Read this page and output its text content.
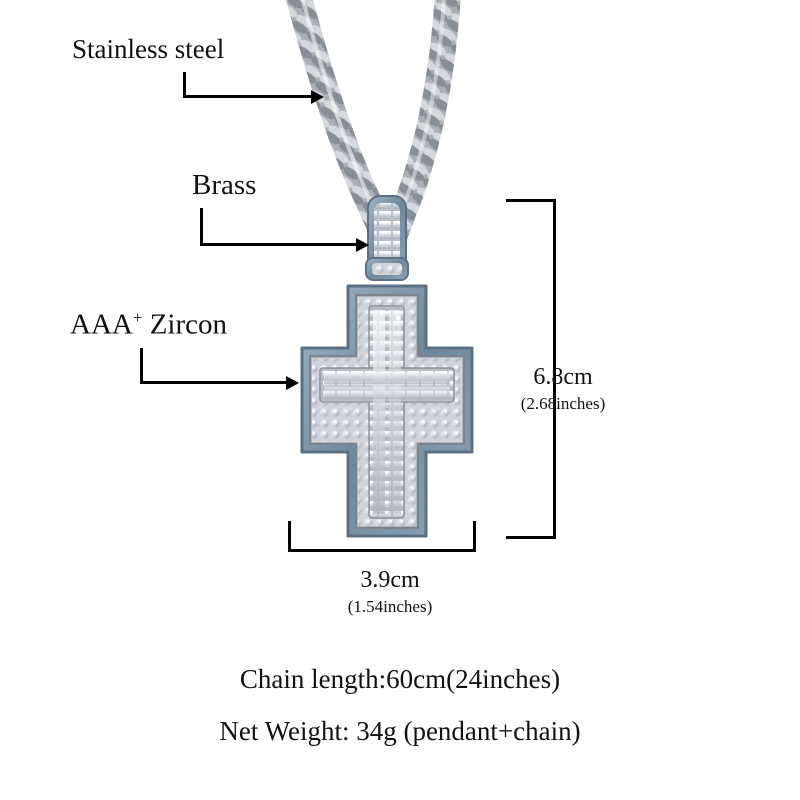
Stainless steel
Brass
AAA+ Zircon
6.8cm
(2.68inches)
3.9cm
(1.54inches)
Chain length:60cm(24inches)
Net Weight: 34g (pendant+chain)
